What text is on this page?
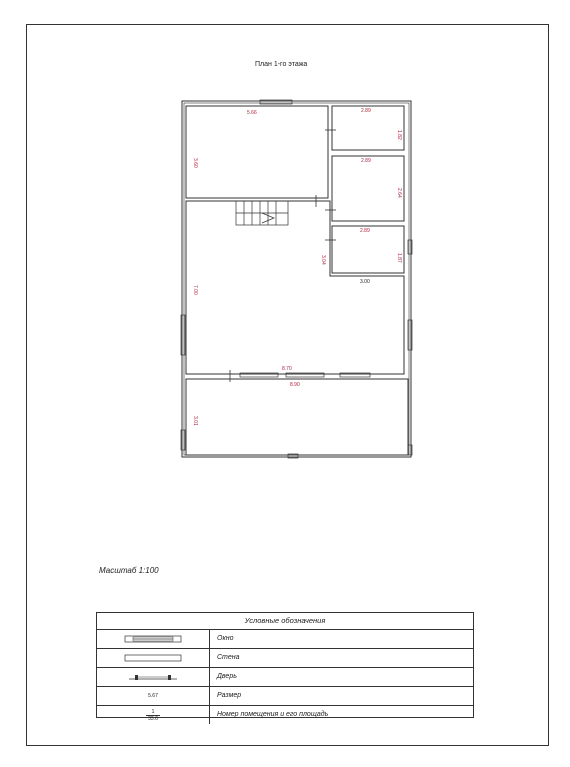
План 1-го этажа
5.66
3.60
2.89
1.82
2.89
2.64
2.89
3.04	1.87
3.00
7.00
8.70
8.90
3.01
Масштаб 1:100
Условные обозначения
Окно
Стена
Дверь
5.67	Размер
1
33.6
Номер помещения и его площадь
